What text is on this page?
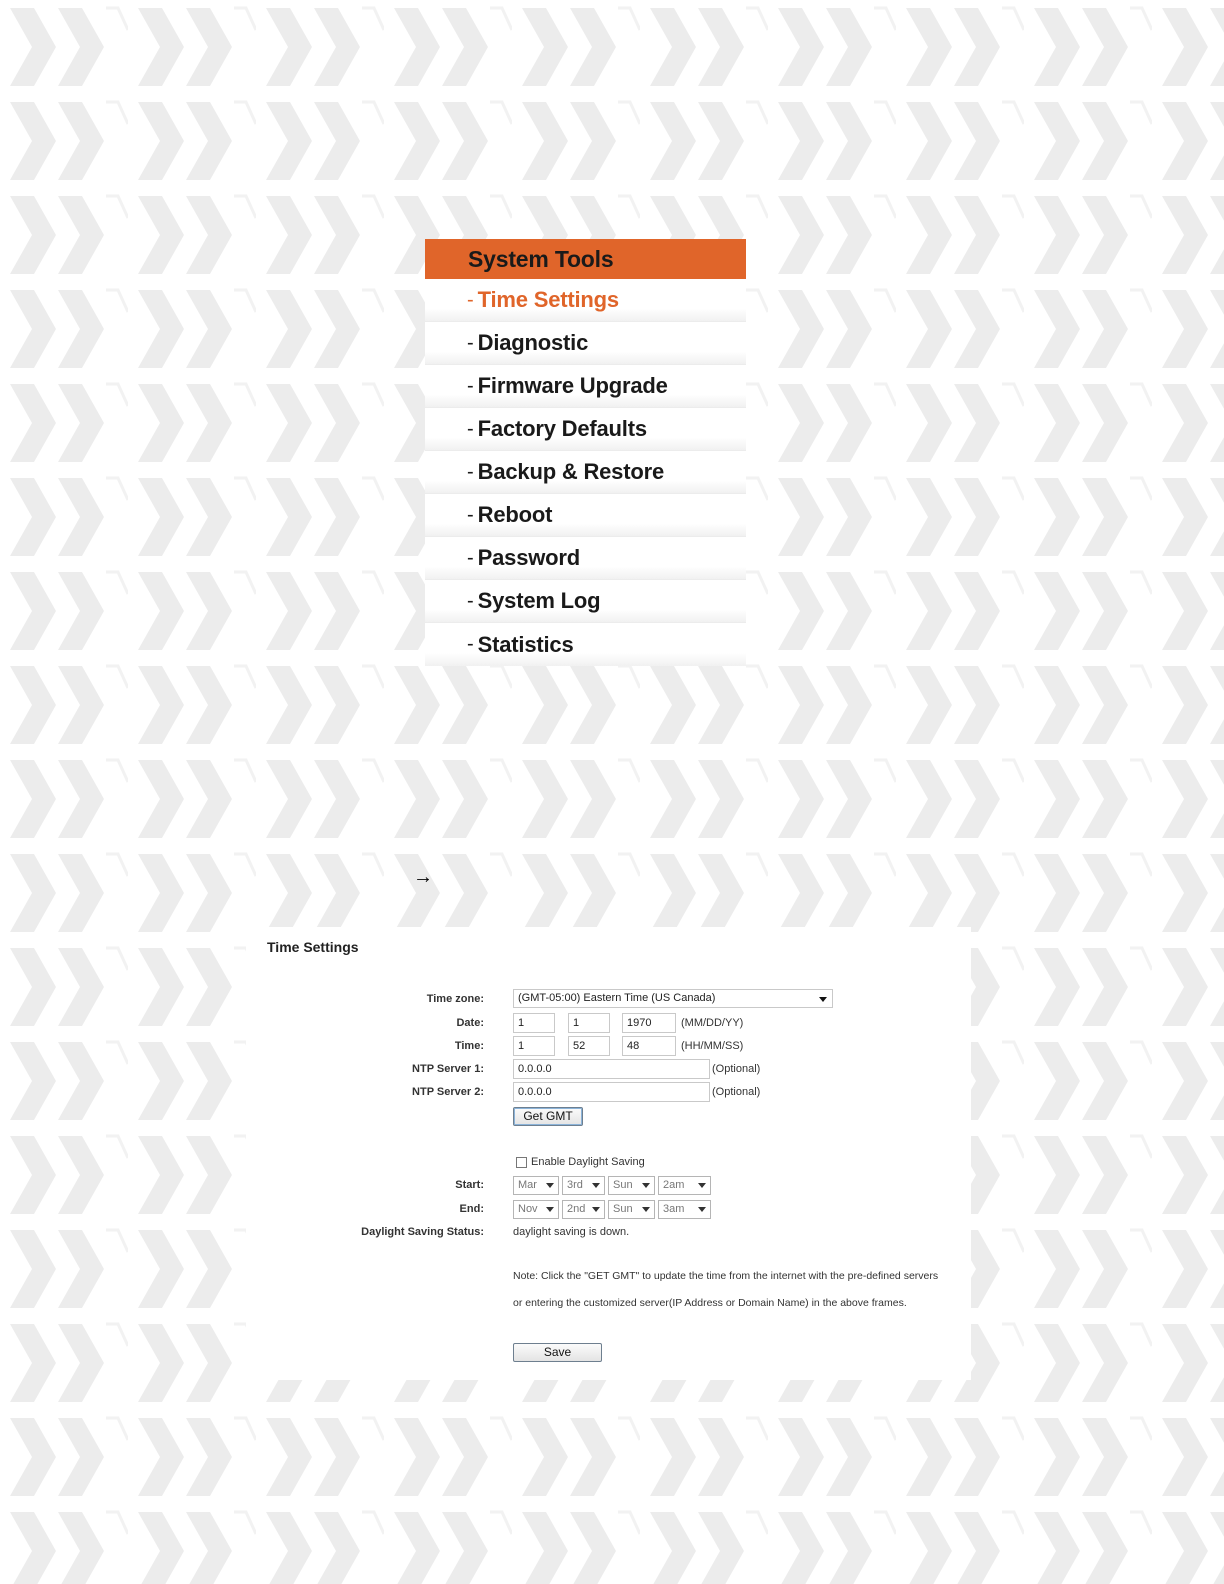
System Tools
- Time Settings
- Diagnostic
- Firmware Upgrade
- Factory Defaults
- Backup & Restore
- Reboot
- Password
- System Log
- Statistics
→
Time Settings
Time zone:	(GMT-05:00) Eastern Time (US Canada)
Date:	1	1	1970	(MM/DD/YY)
Time:	1	52	48	(HH/MM/SS)
NTP Server 1:	0.0.0.0	(Optional)
NTP Server 2:	0.0.0.0	(Optional)
Get GMT
Enable Daylight Saving
Start:	Mar	3rd	Sun	2am
End:	Nov	2nd	Sun	3am
Daylight Saving Status:	daylight saving is down.
Note: Click the "GET GMT" to update the time from the internet with the pre-defined servers
or entering the customized server(IP Address or Domain Name) in the above frames.
Save
